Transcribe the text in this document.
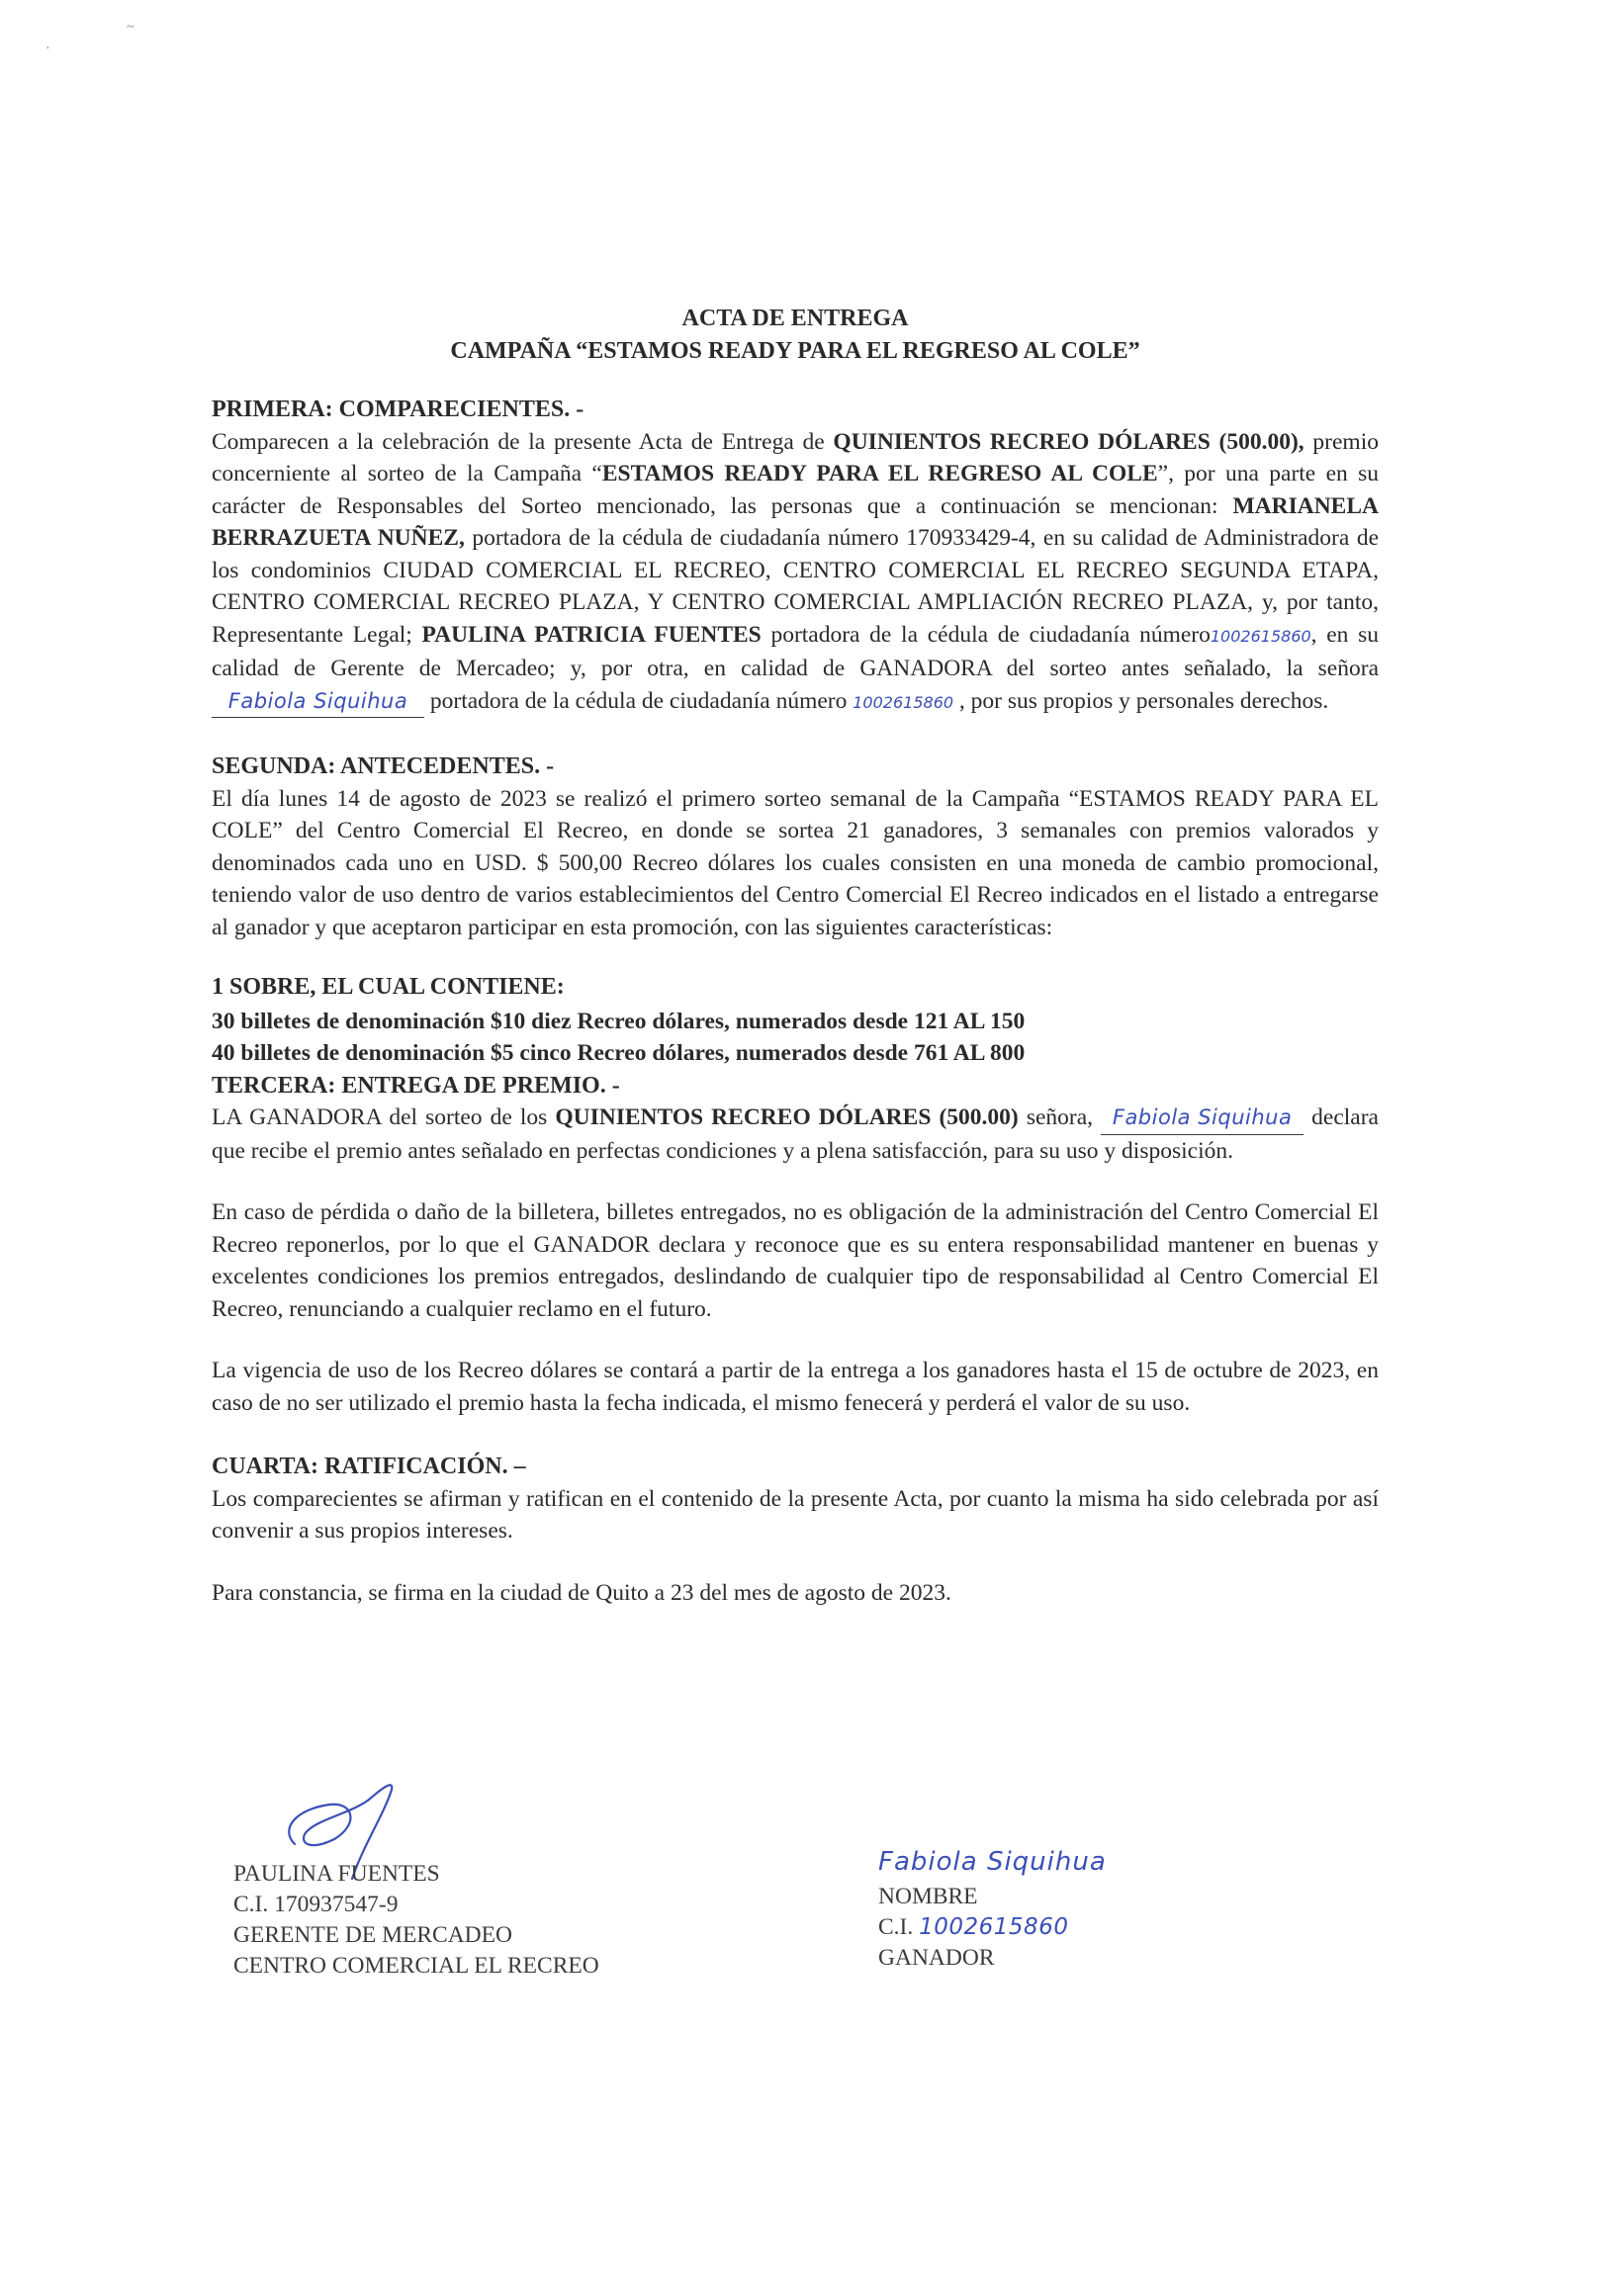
~
·
ACTA DE ENTREGA
CAMPAÑA “ESTAMOS READY PARA EL REGRESO AL COLE”
PRIMERA: COMPARECIENTES. -
Comparecen a la celebración de la presente Acta de Entrega de QUINIENTOS RECREO DÓLARES (500.00), premio concerniente al sorteo de la Campaña “ESTAMOS READY PARA EL REGRESO AL COLE”, por una parte en su carácter de Responsables del Sorteo mencionado, las personas que a continuación se mencionan: MARIANELA BERRAZUETA NUÑEZ, portadora de la cédula de ciudadanía número 170933429-4, en su calidad de Administradora de los condominios CIUDAD COMERCIAL EL RECREO, CENTRO COMERCIAL EL RECREO SEGUNDA ETAPA, CENTRO COMERCIAL RECREO PLAZA, Y CENTRO COMERCIAL AMPLIACIÓN RECREO PLAZA, y, por tanto, Representante Legal; PAULINA PATRICIA FUENTES portadora de la cédula de ciudadanía número1002615860, en su calidad de Gerente de Mercadeo; y, por otra, en calidad de GANADORA del sorteo antes señalado, la señora Fabiola Siquihua portadora de la cédula de ciudadanía número 1002615860 , por sus propios y personales derechos.
SEGUNDA: ANTECEDENTES. -
El día lunes 14 de agosto de 2023 se realizó el primero sorteo semanal de la Campaña “ESTAMOS READY PARA EL COLE” del Centro Comercial El Recreo, en donde se sortea 21 ganadores, 3 semanales con premios valorados y denominados cada uno en USD. $ 500,00 Recreo dólares los cuales consisten en una moneda de cambio promocional, teniendo valor de uso dentro de varios establecimientos del Centro Comercial El Recreo indicados en el listado a entregarse al ganador y que aceptaron participar en esta promoción, con las siguientes características:
1 SOBRE, EL CUAL CONTIENE:
30 billetes de denominación $10 diez Recreo dólares, numerados desde 121 AL 150
40 billetes de denominación $5 cinco Recreo dólares, numerados desde 761 AL 800
TERCERA: ENTREGA DE PREMIO. -
LA GANADORA del sorteo de los QUINIENTOS RECREO DÓLARES (500.00) señora, Fabiola Siquihua declara que recibe el premio antes señalado en perfectas condiciones y a plena satisfacción, para su uso y disposición.
En caso de pérdida o daño de la billetera, billetes entregados, no es obligación de la administración del Centro Comercial El Recreo reponerlos, por lo que el GANADOR declara y reconoce que es su entera responsabilidad mantener en buenas y excelentes condiciones los premios entregados, deslindando de cualquier tipo de responsabilidad al Centro Comercial El Recreo, renunciando a cualquier reclamo en el futuro.
La vigencia de uso de los Recreo dólares se contará a partir de la entrega a los ganadores hasta el 15 de octubre de 2023, en caso de no ser utilizado el premio hasta la fecha indicada, el mismo fenecerá y perderá el valor de su uso.
CUARTA: RATIFICACIÓN. –
Los comparecientes se afirman y ratifican en el contenido de la presente Acta, por cuanto la misma ha sido celebrada por así convenir a sus propios intereses.
Para constancia, se firma en la ciudad de Quito a 23 del mes de agosto de 2023.
PAULINA FUENTES
C.I. 170937547-9
GERENTE DE MERCADEO
CENTRO COMERCIAL EL RECREO
Fabiola Siquihua
NOMBRE
C.I. 1002615860
GANADOR
